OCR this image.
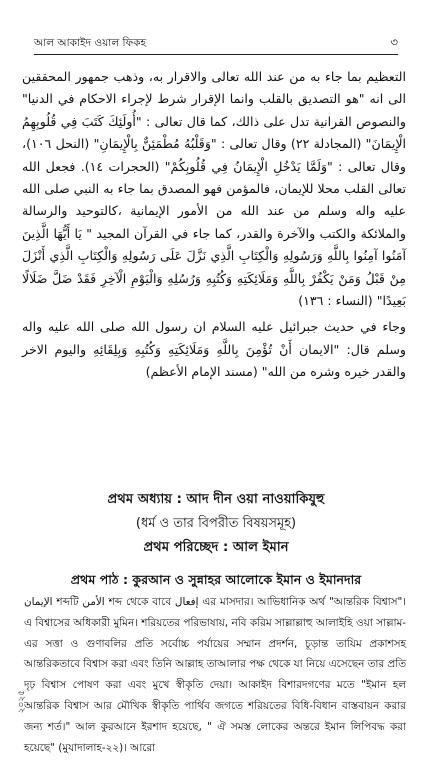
আল আকাইদ ওয়াল ফিকহ	৩

التعظيم بما جاء به من عند الله تعالى والاقرار به، وذهب جمهور المحققين الى انه "هو التصديق بالقلب وانما الإقرار شرط لإجراء الاحكام في الدنيا" والنصوص القرانية تدل على ذالك، كما قال تعالى : "أُولَئِكَ كَتَبَ فِي قُلُوبِهِمُ الْإِيمَانَ" (المجادلة ٢٢) وقال تعالى : "وَقَلْبُهُ مُطْمَئِنٌّ بِالْإِيمَانِ" (النحل ١٠٦)، وقال تعالى : "وَلَمَّا يَدْخُلِ الْإِيمَانُ فِي قُلُوبِكُمْ" (الحجرات ١٤). فجعل الله تعالى القلب محلا للإيمان، فالمؤمن فهو المصدق بما جاء به النبي صلى الله عليه واله وسلم من عند الله من الأمور الإيمانية ،كالتوحيد والرسالة والملائكة والكتب والآخرة والقدر، كما جاء في القرآن المجيد " يَا أَيُّهَا الَّذِينَ آمَنُوا آمِنُوا بِاللَّهِ وَرَسُولِهِ وَالْكِتَابِ الَّذِي نَزَّلَ عَلَى رَسُولِهِ وَالْكِتَابِ الَّذِي أَنْزَلَ مِنْ قَبْلُ وَمَنْ يَكْفُرْ بِاللَّهِ وَمَلَائِكَتِهِ وَكُتُبِهِ وَرُسُلِهِ وَالْيَوْمِ الْآخِرِ فَقَدْ ضَلَّ ضَلَالًا بَعِيدًا" (النساء : ١٣٦)

وجاء في حديث جبرائيل عليه السلام ان رسول الله صلى الله عليه واله وسلم قال: "الايمان أَنْ تُؤْمِنَ بِاللَّهِ وَمَلَائِكَتِهِ وَكُتُبِهِ وَبِلِقَائِهِ واليوم الاخر والقدر خيره وشره من الله" (مسند الإمام الأعظم)

প্রথম অধ্যায় : আদ দীন ওয়া নাওয়াকিযুহু
(ধর্ম ও তার বিপরীত বিষয়সমূহ)
প্রথম পরিচ্ছেদ : আল ইমান
প্রথম পাঠ : কুরআন ও সুন্নাহর আলোকে ইমান ও ইমানদার

الإيمان শব্দটি الأمن শব্দ থেকে বাবে إفعال এর মাসদার। আভিধানিক অর্থ "আন্তরিক বিশ্বাস"। এ বিশ্বাসের অধিকারী মুমিন। শরিয়তের পরিভাষায়, নবি করিম সাল্লাল্লাহু আলাইহি ওয়া সাল্লাম-এর সত্তা ও গুণাবলির প্রতি সর্বোচ্চ পর্যায়ের সম্মান প্রদর্শন, চূড়ান্ত তাযিম প্রকাশসহ আন্তরিকতাবে বিশ্বাস করা এবং তিনি আল্লাহ তাআলার পক্ষ থেকে যা নিয়ে এসেছেন তার প্রতি দৃঢ় বিশ্বাস পোষণ করা এবং মুখে স্বীকৃতি দেয়া। আকাইদ বিশারদগণের মতে "ইমান হল আন্তরিক বিশ্বাস আর মৌখিক স্বীকৃতি পার্থিব জগতে শরিয়তের বিধি-বিধান বাস্তবায়ন করার জন্য শর্ত।" আল কুরআনে ইরশাদ হয়েছে, " ঐ সমস্ত লোকের অন্তরে ইমান লিপিবদ্ধ করা হয়েছে" (মুযাদালাহ-২২)। আরো

২০২৫
